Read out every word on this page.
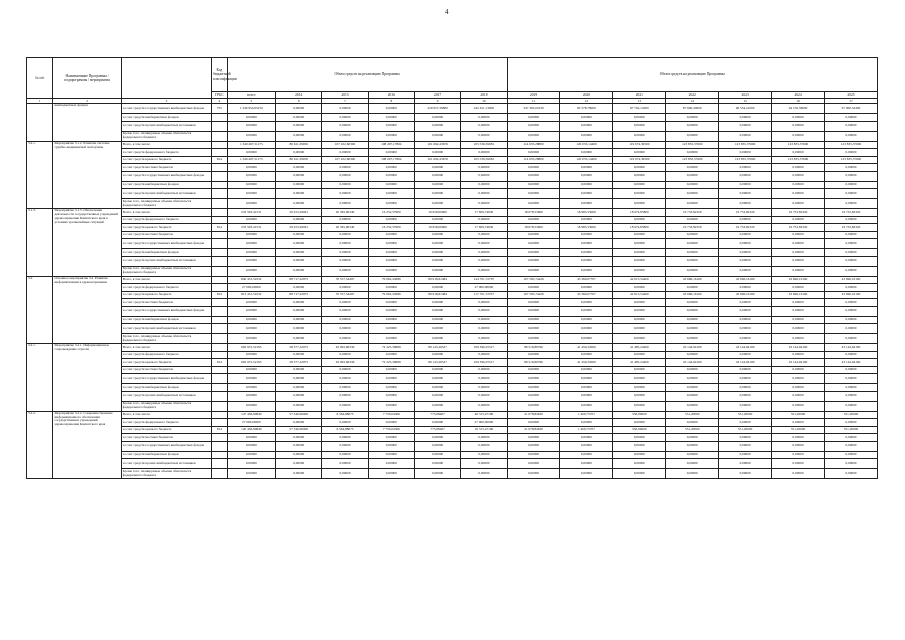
4
№ п/п	Наименование Программы / подпрограммы / мероприятия		Код бюджетной классификации	Объем средств на реализацию Программы						Объем средств на реализацию Программы						
			ГРБС	всего	2014	2015	2016	2017	2018	2019	2020	2021	2022	2023	2024	2025
1	2	3	4	5	6	7	8	9	10	11	12	13	14	15	16	17
	внебюджетных фондов	за счет средств государственных внебюджетных фондов	755	1 346 954,95250	0,00000	0,00000	0,00000	229 657,39800	242 611,13000	347 395,02230	82 578,78000	87 702,12000	87 690,20000	90 534,21000	94 150,58000	97 900,54400
		за счет средств внебюджетных фондов		0,00000	0,00000	0,00000	0,00000	0,00000	0,00000	0,00000	0,00000	0,00000	0,00000	0,00000	0,00000	0,00000
		за счет средств прочих внебюджетных источников		0,00000	0,00000	0,00000	0,00000	0,00000	0,00000	0,00000	0,00000	0,00000	0,00000	0,00000	0,00000	0,00000
		Кроме того, планируемые объемы обязательств федерального бюджета		0,00000	0,00000	0,00000	0,00000	0,00000	0,00000	0,00000	0,00000	0,00000	0,00000	0,00000	0,00000	0,00000
3.2.1.	Мероприятие 3.1.2. Развитие системы судебно-медицинской экспертизы	Всего, в том числе:		1 349 497,51175	86 611,39950	107 452,60300	108 297,17804	101 692,43676	105 536,59081	114 635,28800	120 035,14400	119 074,39500	123 835,37600	123 835,37600	123 835,37600	123 835,37600
		за счет средств федерального бюджета		0,00000	0,00000	0,00000	0,00000	0,00000	0,00000	0,00000	0,00000	0,00000	0,00000	0,00000	0,00000	0,00000
		за счет средств краевого бюджета	814	1 349 497,51175	86 611,39950	107 452,60300	108 297,17804	101 692,43676	105 536,59081	114 635,28800	120 035,14400	119 074,39500	123 835,37600	123 835,37600	123 835,37600	123 835,37600
		за счет средств местных бюджетов		0,00000	0,00000	0,00000	0,00000	0,00000	0,00000	0,00000	0,00000	0,00000	0,00000	0,00000	0,00000	0,00000
		за счет средств государственных внебюджетных фондов		0,00000	0,00000	0,00000	0,00000	0,00000	0,00000	0,00000	0,00000	0,00000	0,00000	0,00000	0,00000	0,00000
		за счет средств внебюджетных фондов		0,00000	0,00000	0,00000	0,00000	0,00000	0,00000	0,00000	0,00000	0,00000	0,00000	0,00000	0,00000	0,00000
		за счет средств прочих внебюджетных источников		0,00000	0,00000	0,00000	0,00000	0,00000	0,00000	0,00000	0,00000	0,00000	0,00000	0,00000	0,00000	0,00000
		Кроме того, планируемые объемы обязательств федерального бюджета		0,00000	0,00000	0,00000	0,00000	0,00000	0,00000	0,00000	0,00000	0,00000	0,00000	0,00000	0,00000	0,00000
3.1.3.	Мероприятие 3.1.3. Обеспечение деятельности государственных учреждений здравоохранения Камчатского края в условиях чрезвычайных ситуаций	Всего, в том числе:		233 593,41531	29 253,29061	20 365,90340	16 252,37900	19 658,00000	17 859,74630	18 678,53600	18 985,33000	18 974,83800	19 733,82320	19 733,82320	19 733,82320	19 733,82320
		за счет средств федерального бюджета		0,00000	0,00000	0,00000	0,00000	0,00000	0,00000	0,00000	0,00000	0,00000	0,00000	0,00000	0,00000	0,00000
		за счет средств краевого бюджета	814	233 593,41531	29 253,29061	20 365,90340	16 252,37900	19 658,00000	17 859,74630	18 678,53600	18 985,33000	18 974,83800	19 733,82320	19 733,82320	19 733,82320	19 733,82320
		за счет средств местных бюджетов		0,00000	0,00000	0,00000	0,00000	0,00000	0,00000	0,00000	0,00000	0,00000	0,00000	0,00000	0,00000	0,00000
		за счет средств государственных внебюджетных фондов		0,00000	0,00000	0,00000	0,00000	0,00000	0,00000	0,00000	0,00000	0,00000	0,00000	0,00000	0,00000	0,00000
		за счет средств внебюджетных фондов		0,00000	0,00000	0,00000	0,00000	0,00000	0,00000	0,00000	0,00000	0,00000	0,00000	0,00000	0,00000	0,00000
		за счет средств прочих внебюджетных источников		0,00000	0,00000	0,00000	0,00000	0,00000	0,00000	0,00000	0,00000	0,00000	0,00000	0,00000	0,00000	0,00000
		Кроме того, планируемые объемы обязательств федерального бюджета		0,00000	0,00000	0,00000	0,00000	0,00000	0,00000	0,00000	0,00000	0,00000	0,00000	0,00000	0,00000	0,00000
3.2.	Основное мероприятие 3.2. Развитие информатизации в здравоохранении	Всего, в том числе:		840 431,52232	88 717,22975	70 557,54497	79 062,45686	89 918,61484	144 701,72707	107 595,74426	43 360,07707	42 015,54400	43 696,16160	43 696,16160	43 696,16160	43 696,16160
		за счет средств федерального бюджета		27 000,00000	0,00000	0,00000	0,00000	0,00000	27 000,00000	0,00000	0,00000	0,00000	0,00000	0,00000	0,00000	0,00000
		за счет средств краевого бюджета	814	813 431,52232	88 717,22975	70 557,54497	79 062,45686	89 918,61484	117 701,72707	107 595,74426	43 360,07707	42 015,54400	43 696,16160	43 696,16160	43 696,16160	43 696,16160
		за счет средств местных бюджетов		0,00000	0,00000	0,00000	0,00000	0,00000	0,00000	0,00000	0,00000	0,00000	0,00000	0,00000	0,00000	0,00000
		за счет средств государственных внебюджетных фондов		0,00000	0,00000	0,00000	0,00000	0,00000	0,00000	0,00000	0,00000	0,00000	0,00000	0,00000	0,00000	0,00000
		за счет средств внебюджетных фондов		0,00000	0,00000	0,00000	0,00000	0,00000	0,00000	0,00000	0,00000	0,00000	0,00000	0,00000	0,00000	0,00000
		за счет средств прочих внебюджетных источников		0,00000	0,00000	0,00000	0,00000	0,00000	0,00000	0,00000	0,00000	0,00000	0,00000	0,00000	0,00000	0,00000
		Кроме того, планируемые объемы обязательств федерального бюджета		0,00000	0,00000	0,00000	0,00000	0,00000	0,00000	0,00000	0,00000	0,00000	0,00000	0,00000	0,00000	0,00000
3.2.1.	Мероприятие 3.2.1. Информационное сопровождение отрасли	Всего, в том числе:		692 972,52163	28 377,22975	63 992,66336	72 225,39689	89 143,26527	109 396,25517	86 516,89796	41 459,32000	41 485,24400	43 144,94160	43 144,94160	43 144,94160	43 144,94160
		за счет средств федерального бюджета		0,00000	0,00000	0,00000	0,00000	0,00000	0,00000	0,00000	0,00000	0,00000	0,00000	0,00000	0,00000	0,00000
		за счет средств краевого бюджета	814	692 972,52163	28 377,22975	63 992,66336	72 225,39689	89 143,26527	109 396,25517	86 516,89796	41 459,32000	41 485,24400	43 144,94160	43 144,94160	43 144,94160	43 144,94160
		за счет средств местных бюджетов		0,00000	0,00000	0,00000	0,00000	0,00000	0,00000	0,00000	0,00000	0,00000	0,00000	0,00000	0,00000	0,00000
		за счет средств государственных внебюджетных фондов		0,00000	0,00000	0,00000	0,00000	0,00000	0,00000	0,00000	0,00000	0,00000	0,00000	0,00000	0,00000	0,00000
		за счет средств внебюджетных фондов		0,00000	0,00000	0,00000	0,00000	0,00000	0,00000	0,00000	0,00000	0,00000	0,00000	0,00000	0,00000	0,00000
		за счет средств прочих внебюджетных источников		0,00000	0,00000	0,00000	0,00000	0,00000	0,00000	0,00000	0,00000	0,00000	0,00000	0,00000	0,00000	0,00000
		Кроме того, планируемые объемы обязательств федерального бюджета		0,00000	0,00000	0,00000	0,00000	0,00000	0,00000	0,00000	0,00000	0,00000	0,00000	0,00000	0,00000	0,00000
3.2.2.	Мероприятие 3.2.2. Совершенствование информационного обеспечения государственных учреждений здравоохранения Камчатского края	Всего, в том числе:		147 436,99849	57 340,00000	6 564,88073	7 750,04366	775,08467	46 315,47190	21 078,84630	1 400,75707	530,00000	551,20000	551,20000	551,20000	551,20000
		за счет средств федерального бюджета		27 000,00000	0,00000	0,00000	0,00000	0,00000	27 000,00000	0,00000	0,00000	0,00000	0,00000	0,00000	0,00000	0,00000
		за счет средств краевого бюджета	814	120 436,99849	57 340,00000	6 564,88073	7 750,04366	775,08467	19 315,47190	21 078,84630	1 400,75707	530,00000	551,20000	551,20000	551,20000	551,20000
		за счет средств местных бюджетов		0,00000	0,00000	0,00000	0,00000	0,00000	0,00000	0,00000	0,00000	0,00000	0,00000	0,00000	0,00000	0,00000
		за счет средств государственных внебюджетных фондов		0,00000	0,00000	0,00000	0,00000	0,00000	0,00000	0,00000	0,00000	0,00000	0,00000	0,00000	0,00000	0,00000
		за счет средств внебюджетных фондов		0,00000	0,00000	0,00000	0,00000	0,00000	0,00000	0,00000	0,00000	0,00000	0,00000	0,00000	0,00000	0,00000
		за счет средств прочих внебюджетных источников		0,00000	0,00000	0,00000	0,00000	0,00000	0,00000	0,00000	0,00000	0,00000	0,00000	0,00000	0,00000	0,00000
		Кроме того, планируемые объемы обязательств федерального бюджета		0,00000	0,00000	0,00000	0,00000	0,00000	0,00000	0,00000	0,00000	0,00000	0,00000	0,00000	0,00000	0,00000
